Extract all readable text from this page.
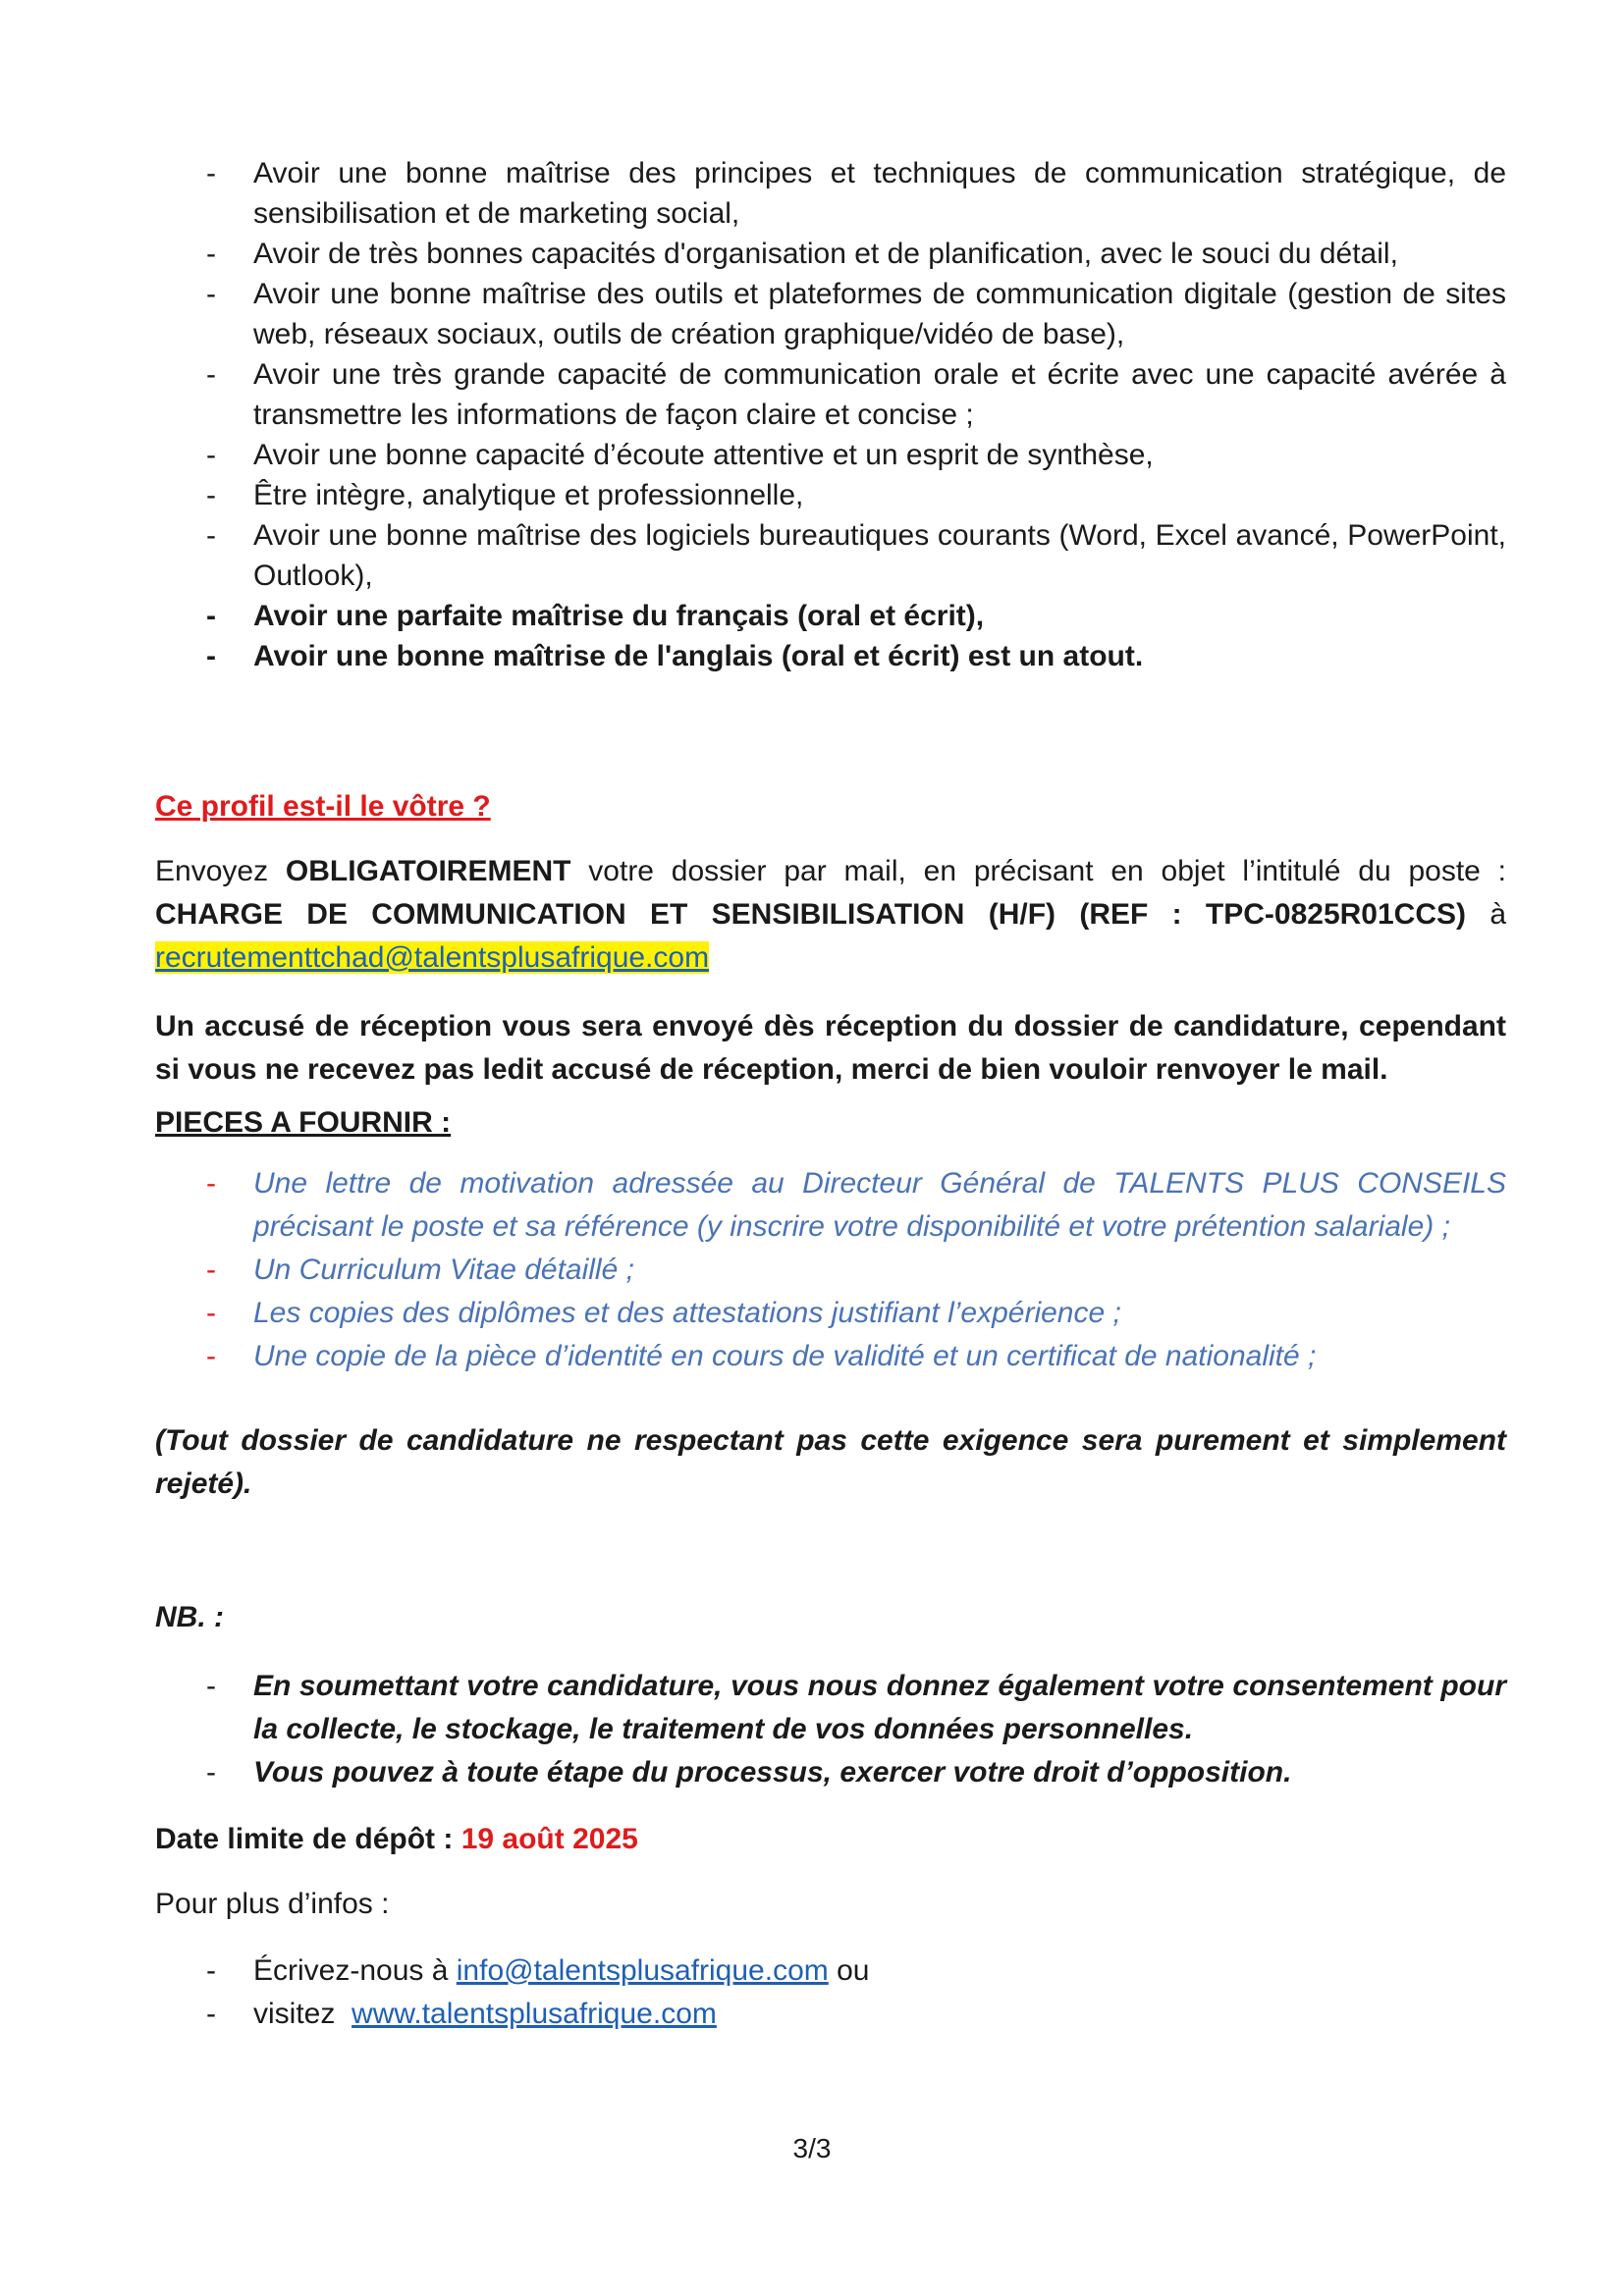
- Avoir une bonne maîtrise des principes et techniques de communication stratégique, de sensibilisation et de marketing social,
- Avoir de très bonnes capacités d'organisation et de planification, avec le souci du détail,
- Avoir une bonne maîtrise des outils et plateformes de communication digitale (gestion de sites web, réseaux sociaux, outils de création graphique/vidéo de base),
- Avoir une très grande capacité de communication orale et écrite avec une capacité avérée à transmettre les informations de façon claire et concise ;
- Avoir une bonne capacité d’écoute attentive et un esprit de synthèse,
- Être intègre, analytique et professionnelle,
- Avoir une bonne maîtrise des logiciels bureautiques courants (Word, Excel avancé, PowerPoint, Outlook),
- Avoir une parfaite maîtrise du français (oral et écrit),
- Avoir une bonne maîtrise de l'anglais (oral et écrit) est un atout.
Ce profil est-il le vôtre ?
Envoyez OBLIGATOIREMENT votre dossier par mail, en précisant en objet l’intitulé du poste : CHARGE DE COMMUNICATION ET SENSIBILISATION (H/F) (REF : TPC-0825R01CCS) à recrutementtchad@talentsplusafrique.com
Un accusé de réception vous sera envoyé dès réception du dossier de candidature, cependant si vous ne recevez pas ledit accusé de réception, merci de bien vouloir renvoyer le mail.
PIECES A FOURNIR :
- Une lettre de motivation adressée au Directeur Général de TALENTS PLUS CONSEILS précisant le poste et sa référence (y inscrire votre disponibilité et votre prétention salariale) ;
- Un Curriculum Vitae détaillé ;
- Les copies des diplômes et des attestations justifiant l’expérience ;
- Une copie de la pièce d’identité en cours de validité et un certificat de nationalité ;
(Tout dossier de candidature ne respectant pas cette exigence sera purement et simplement rejeté).
NB. :
- En soumettant votre candidature, vous nous donnez également votre consentement pour la collecte, le stockage, le traitement de vos données personnelles.
- Vous pouvez à toute étape du processus, exercer votre droit d’opposition.
Date limite de dépôt : 19 août 2025
Pour plus d’infos :
- Écrivez-nous à info@talentsplusafrique.com ou
- visitez www.talentsplusafrique.com
3/3
